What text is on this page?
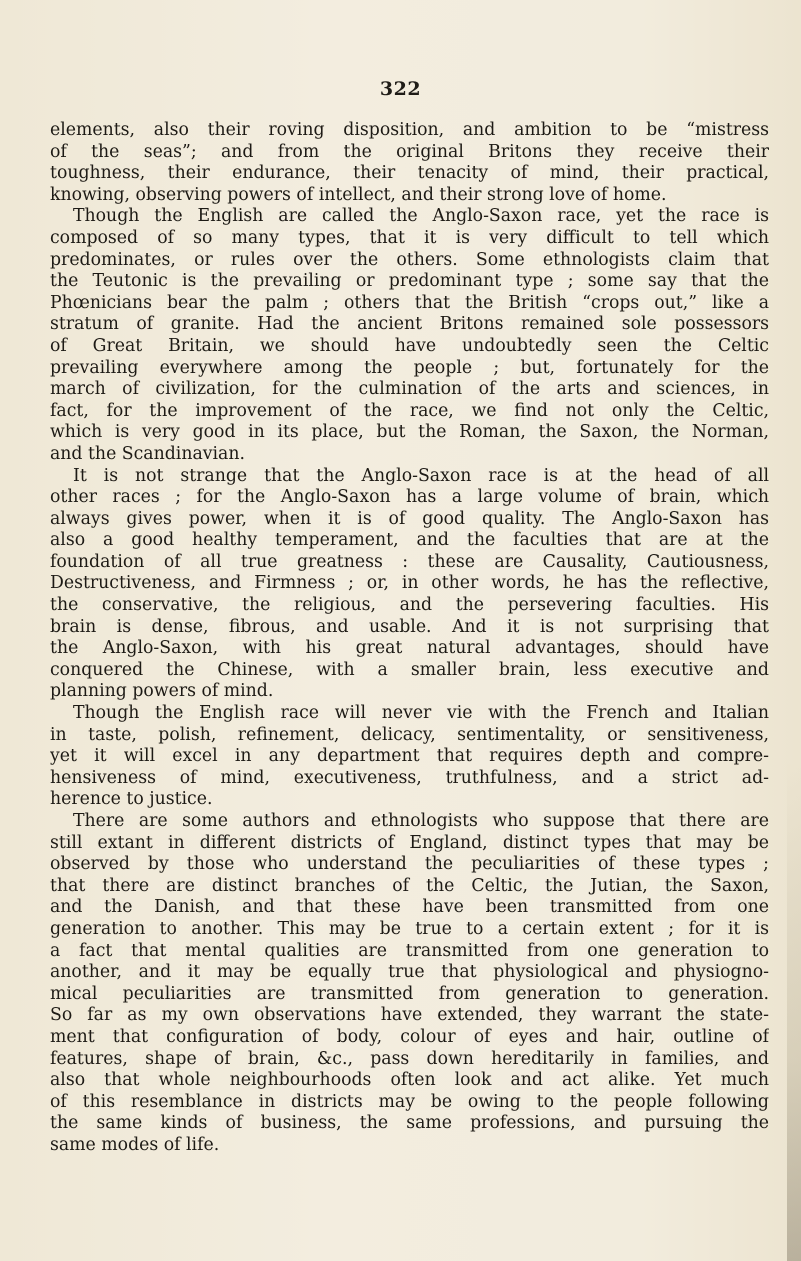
322
elements, also their roving disposition, and ambition to be “mistress
of the seas”; and from the original Britons they receive their
toughness, their endurance, their tenacity of mind, their practical,
knowing, observing powers of intellect, and their strong love of home.
Though the English are called the Anglo-Saxon race, yet the race is
composed of so many types, that it is very difficult to tell which
predominates, or rules over the others. Some ethnologists claim that
the Teutonic is the prevailing or predominant type ; some say that the
Phœnicians bear the palm ; others that the British “crops out,” like a
stratum of granite. Had the ancient Britons remained sole possessors
of Great Britain, we should have undoubtedly seen the Celtic
prevailing everywhere among the people ; but, fortunately for the
march of civilization, for the culmination of the arts and sciences, in
fact, for the improvement of the race, we find not only the Celtic,
which is very good in its place, but the Roman, the Saxon, the Norman,
and the Scandinavian.
It is not strange that the Anglo-Saxon race is at the head of all
other races ; for the Anglo-Saxon has a large volume of brain, which
always gives power, when it is of good quality. The Anglo-Saxon has
also a good healthy temperament, and the faculties that are at the
foundation of all true greatness : these are Causality, Cautiousness,
Destructiveness, and Firmness ; or, in other words, he has the reflective,
the conservative, the religious, and the persevering faculties. His
brain is dense, fibrous, and usable. And it is not surprising that
the Anglo-Saxon, with his great natural advantages, should have
conquered the Chinese, with a smaller brain, less executive and
planning powers of mind.
Though the English race will never vie with the French and Italian
in taste, polish, refinement, delicacy, sentimentality, or sensitiveness,
yet it will excel in any department that requires depth and compre-
hensiveness of mind, executiveness, truthfulness, and a strict ad-
herence to justice.
There are some authors and ethnologists who suppose that there are
still extant in different districts of England, distinct types that may be
observed by those who understand the peculiarities of these types ;
that there are distinct branches of the Celtic, the Jutian, the Saxon,
and the Danish, and that these have been transmitted from one
generation to another. This may be true to a certain extent ; for it is
a fact that mental qualities are transmitted from one generation to
another, and it may be equally true that physiological and physiogno-
mical peculiarities are transmitted from generation to generation.
So far as my own observations have extended, they warrant the state-
ment that configuration of body, colour of eyes and hair, outline of
features, shape of brain, &c., pass down hereditarily in families, and
also that whole neighbourhoods often look and act alike. Yet much
of this resemblance in districts may be owing to the people following
the same kinds of business, the same professions, and pursuing the
same modes of life.
